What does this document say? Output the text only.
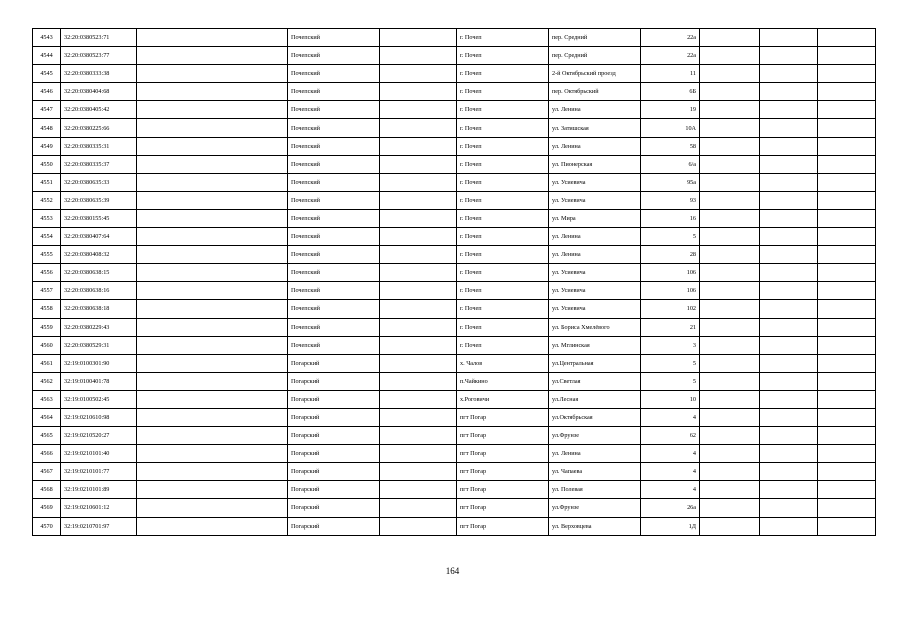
4543	32:20:0380523:71		Почепский		г. Почеп	пер. Средний	22а			
4544	32:20:0380523:77		Почепский		г. Почеп	пер. Средний	22а			
4545	32:20:0380333:38		Почепский		г. Почеп	2-й Октябрьский проезд	11			
4546	32:20:0380404:68		Почепский		г. Почеп	пер. Октябрьский	6Б			
4547	32:20:0380405:42		Почепский		г. Почеп	ул. Ленина	19			
4548	32:20:0380225:66		Почепский		г. Почеп	ул. Затишская	10А			
4549	32:20:0380335:31		Почепский		г. Почеп	ул. Ленина	58			
4550	32:20:0380335:37		Почепский		г. Почеп	ул. Пионерская	6/а			
4551	32:20:0380635:33		Почепский		г. Почеп	ул. Усиевича	95а			
4552	32:20:0380635:39		Почепский		г. Почеп	ул. Усиевича	93			
4553	32:20:0380155:45		Почепский		г. Почеп	ул. Мира	16			
4554	32:20:0380407:64		Почепский		г. Почеп	ул. Ленина	5			
4555	32:20:0380408:32		Почепский		г. Почеп	ул. Ленина	28			
4556	32:20:0380638:15		Почепский		г. Почеп	ул. Усиевича	106			
4557	32:20:0380638:16		Почепский		г. Почеп	ул. Усиевича	106			
4558	32:20:0380638:18		Почепский		г. Почеп	ул. Усиевича	102			
4559	32:20:0380229:43		Почепский		г. Почеп	ул. Бориса Хмелёвого	21			
4560	32:20:0380529:31		Почепский		г. Почеп	ул. Мглинская	3			
4561	32:19:0100301:90		Погарский		х. Чалов	ул.Центральная	5			
4562	32:19:0100401:78		Погарский		п.Чайкино	ул.Светлая	5			
4563	32:19:0100502:45		Погарский		х.Роговичи	ул.Лесная	10			
4564	32:19:0210610:98		Погарский		пгт Погар	ул.Октябрьская	4			
4565	32:19:0210520:27		Погарский		пгт Погар	ул.Фрунзе	62			
4566	32:19:0210101:40		Погарский		пгт Погар	ул. Ленина	4			
4567	32:19:0210101:77		Погарский		пгт Погар	ул. Чапаева	4			
4568	32:19:0210101:89		Погарский		пгт Погар	ул. Полевая	4			
4569	32:19:0210601:12		Погарский		пгт Погар	ул.Фрунзе	26а			
4570	32:19:0210701:97		Погарский		пгт Погар	ул. Верховцева	1Д			
164
